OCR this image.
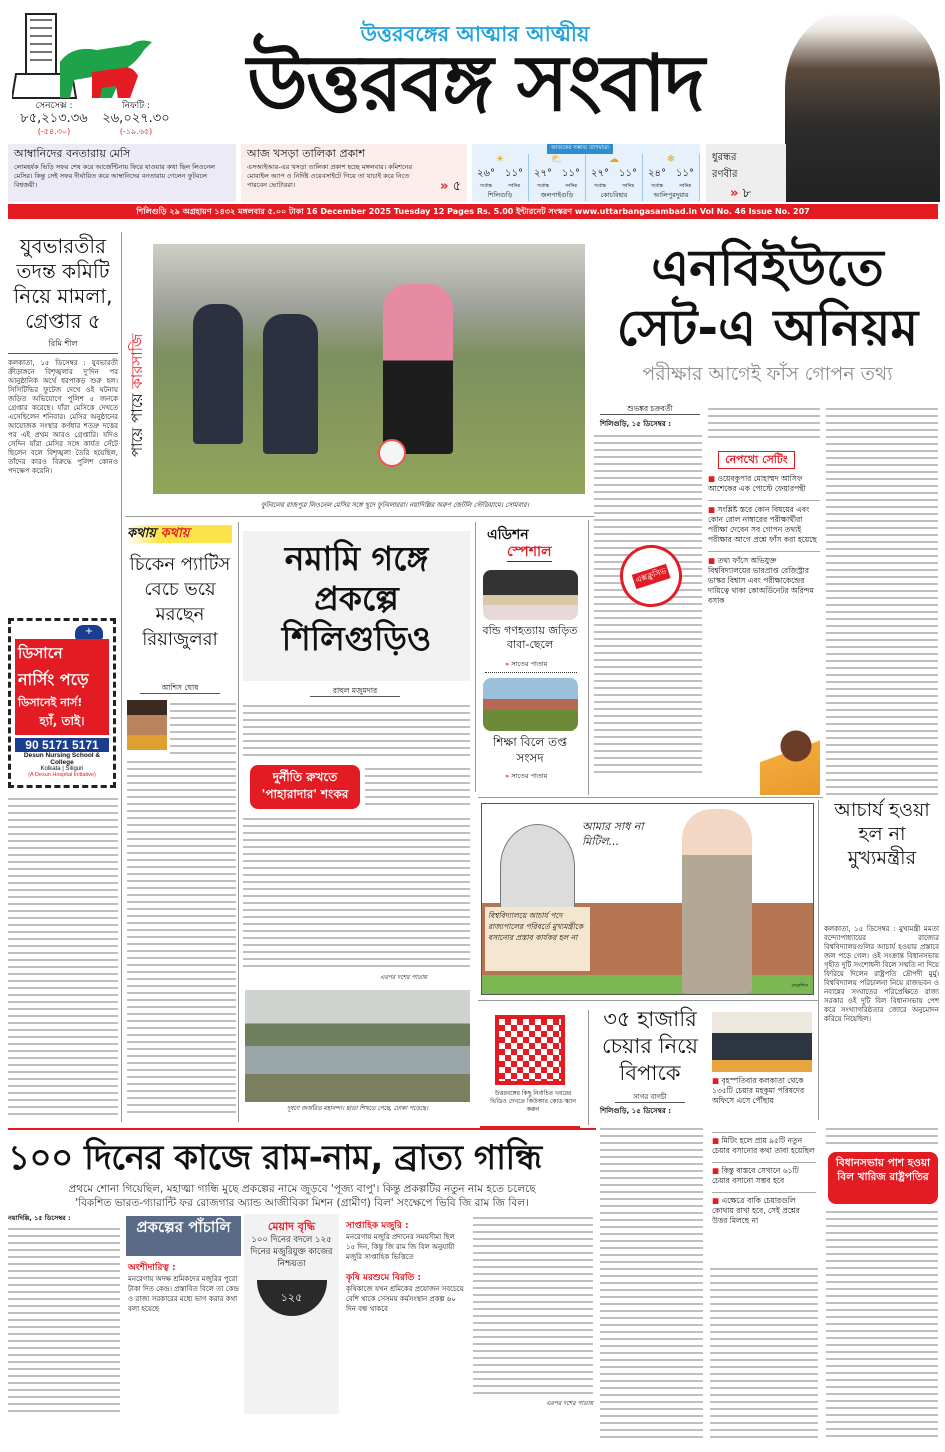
উত্তরবঙ্গের আত্মার আত্মীয়
উত্তরবঙ্গ সংবাদ
সেনসেক্স :
৮৫,২১৩.৩৬
(-৫৪.৩০)
নিফটি :
২৬,০২৭.৩০
(-১৯.৬৫)
আম্বানিদের বনতারায় মেসি
লোমহর্ষক ভিড়ি সফর শেষ করে আর্জেন্টিনায় ফিরে যাওয়ার কথা ছিল লিওনেল মেসির। কিন্তু সেই সফর দীর্ঘায়িত করে আম্বানিদের বনতারায় গেলেন ফুটবলে বিশ্বজয়ী।
আজ খসড়া তালিকা প্রকাশ
এসআইআর-এর খসড়া তালিকা প্রকাশ হচ্ছে মঙ্গলবার। কমিশনের মোবাইল অ্যাপ ও নির্দিষ্ট ওয়েবসাইটে গিয়ে তা যাচাই করে নিতে পারবেন ভোটাররা।	» ৫
আজকের সম্ভাব্য তাপমাত্রা
☀
২৬° ১১°
সর্বোচ্চ	সর্বনিম্ন
শিলিগুড়ি
⛅
২৭° ১১°
সর্বোচ্চ	সর্বনিম্ন
জলপাইগুড়ি
☁
২৭° ১১°
সর্বোচ্চ	সর্বনিম্ন
কোচবিহার
❄
২৪° ১১°
সর্বোচ্চ	সর্বনিম্ন
আলিপুরদুয়ার
ধুরন্ধর রণবীর
» ৮
শিলিগুড়ি ২৯ অগ্রহায়ণ ১৪৩২ মঙ্গলবার ৫.০০ টাকা 16 December 2025 Tuesday 12 Pages Rs. 5.00 ইন্টারনেট সংস্করণ www.uttarbangasambad.in Vol No. 46 Issue No. 207
যুবভারতীর তদন্ত কমিটি নিয়ে মামলা, গ্রেপ্তার ৫
রিমি শীল
কলকাতা, ১৫ ডিসেম্বর : যুবভারতী ক্রীড়াঙ্গনে বিশৃঙ্খলার দু'দিন পর আনুষ্ঠানিক অর্থে ধরপাকড় শুরু হল। সিসিটিভির ফুটেজ দেখে ওই ঘটনায় জড়িত অভিযোগে পুলিশ ৫ জনকে গ্রেপ্তার করেছে। যাঁরা মেসিকে দেখতে এসেছিলেন শনিবার। মেসির অনুষ্ঠানের আয়োজক সংস্থার কর্ণধার শতদ্রু দত্তের পর এই প্রথম আরও গ্রেপ্তারি। যদিও সেদিন যাঁরা মেসির সঙ্গে কার্যত সেঁটে ছিলেন বলে বিশৃঙ্খলা তৈরি হয়েছিল, তাঁদের কারও বিরুদ্ধে পুলিশ কোনও পদক্ষেপ করেনি।
+
ডিসানে
নার্সিং পড়ে
ডিসানেই নার্স!
হ্যাঁ, তাই।
90 5171 5171
Desun Nursing School & College
Kolkata | Siliguri
(A Desun Hospital Initiative)
পায়ে পায়ে কারসাজি
ফুটবলের রাজপুত্র লিওনেল মেসির সঙ্গে খুদে ফুটবলাররা। নয়াদিল্লির অরুণ জেটলি স্টেডিয়ামে। সোমবার।
এনবিইউতে
সেট-এ অনিয়ম
পরীক্ষার আগেই ফাঁস গোপন তথ্য
শুভঙ্কর চক্রবর্তী
শিলিগুড়ি, ১৫ ডিসেম্বর :
এক্সক্লুসিভ
নেপথ্যে সেটিং
■ ওয়েবকুপার মোহাম্মদ আসিফ আশেকের এক পোস্টে ফেয়ারপন্থী
■ সংশ্লিষ্ট স্তরে কোন বিষয়ের এবং কোন রোল নাম্বারের পরীক্ষার্থীরা পরীক্ষা দেবেন সব গোপন তথ্যই পরীক্ষার আগে প্রশ্নে ফাঁস করা হয়েছে
■ তথ্য ফাঁসে অভিযুক্ত বিশ্ববিদ্যালয়ের ভারপ্রাপ্ত রেজিস্ট্রার ভাস্কর বিশ্বাস এবং পরীক্ষাকেন্দ্রের দায়িত্বে থাকা কোঅর্ডিনেটর অরিন্দম বসাক
কথায় কথায়
চিকেন প্যাটিস বেচে ভয়ে মরছেন রিয়াজুলরা
আশিস ঘোষ
নমামি গঙ্গে প্রকল্পে শিলিগুড়িও
রাহুল মজুমদার
দুর্নীতি রুখতে 'পাহারাদার' শংকর
এরপর দশের পাতায়
দূষণে জর্জরিত মহানন্দা। ছাতা শিখতে গেছে, ঢোকা পড়েছে।
এডিশন
স্পেশাল
বন্ডি গণহত্যায় জড়িত বাবা-ছেলে
» সাতের পাতায়
শিক্ষা বিলে তপ্ত সংসদ
» সাতের পাতায়
আমার সাধ না মিটিল...
বিশ্ববিদ্যালয়ে আচার্য পদে রাজ্যপালের পরিবর্তে মুখ্যমন্ত্রীকে বসানোর প্রস্তাব কার্যকর হল না
দেবাশিস
আচার্য হওয়া হল না মুখ্যমন্ত্রীর
কলকাতা, ১৫ ডিসেম্বর : মুখ্যমন্ত্রী মমতা বন্দ্যোপাধ্যায়ের রাজ্যের বিশ্ববিদ্যালয়গুলির আচার্য হওয়ার প্রস্তাবে জল পড়ে গেল। ওই সংক্রান্ত বিধানসভায় গৃহীত দুটি সংশোধনী বিলে সম্মতি না দিয়ে ফিরিয়ে দিলেন রাষ্ট্রপতি দ্রৌপদী মুর্মু। বিশ্ববিদ্যালয় পরিচালনা নিয়ে রাজভবন ও নবান্নের সংঘাতের পরিপ্রেক্ষিতে রাজ্য সরকার ওই দুটি বিল বিধানসভায় পেশ করে সংখ্যাগরিষ্ঠতার জোরে অনুমোদন করিয়ে নিয়েছিল।
উত্তরবঙ্গের কিছু নির্বাচিত খবরের ভিডিও দেখতে কিউআর কোড স্ক্যান করুন
৩৫ হাজারি চেয়ার নিয়ে বিপাকে
সাগর বাগচী
শিলিগুড়ি, ১৫ ডিসেম্বর :
■ বৃহস্পতিবার কলকাতা থেকে ১৩৫টি চেয়ার মহকুমা পরিষদের অফিসে এসে পৌঁছায়
১০০ দিনের কাজে রাম-নাম, ব্রাত্য গান্ধি
প্রথমে শোনা গিয়েছিল, মহাত্মা গান্ধি মুছে প্রকল্পের নামে জুড়বে 'পূজ্য বাপু'। কিন্তু প্রকল্পটির নতুন নাম হতে চলেছে
'বিকশিত ভারত-গ্যারান্টি ফর রোজগার অ্যান্ড আজীবিকা মিশন (গ্রামীণ) বিল' সংক্ষেপে ভিবি জি রাম জি বিল।
নয়াদিল্লি, ১৫ ডিসেম্বর :	প্রকল্পের পাঁচালি
অংশীদারিত্ব :
মনরেগায় অদক্ষ শ্রমিকদের মজুরির পুরো টাকা দিত কেন্দ্র। প্রস্তাবিত বিলে তা কেন্দ্র ও রাজ্য সরকারের মধ্যে ভাগ করার কথা বলা হয়েছে
মেয়াদ বৃদ্ধি
১০০ দিনের বদলে ১২৫ দিনের মজুরিযুক্ত কাজের নিশ্চয়তা
১২৫
সাপ্তাহিক মজুরি :
মনরেগায় মজুরি প্রদানের সময়সীমা ছিল ১৫ দিন, কিন্তু জি রাম জি বিল অনুযায়ী মজুরি সাপ্তাহিক ভিত্তিতে
কৃষি মরশুমে বিরতি :
কৃষিকাজে যখন শ্রমিকের প্রয়োজন সবচেয়ে বেশি থাকে সেসময় কর্মসংস্থান প্রকল্প ৬০ দিন বন্ধ থাকবে
এরপর দশের পাতায়
■ মিটিং হলে প্রায় ৯৫টি নতুন চেয়ার বসানোর কথা তাবা হয়েছিল
■ কিন্তু বাস্তবে সেখানে ৬১টি চেয়ার বসানো সম্ভব হবে
■ এক্ষেত্রে বাকি চেয়ারগুলি কোথায় রাখা হবে, সেই প্রশ্নের উত্তর মিলছে না
বিধানসভায় পাশ হওয়া বিল খারিজ রাষ্ট্রপতির
